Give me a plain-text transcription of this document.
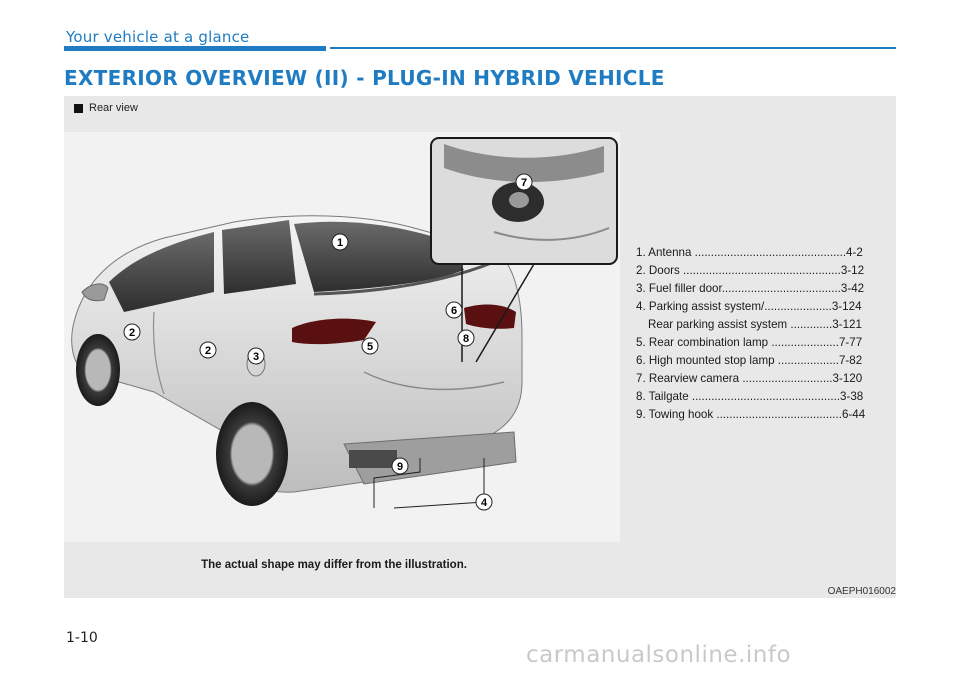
Your vehicle at a glance
EXTERIOR OVERVIEW (II) - PLUG-IN HYBRID VEHICLE
Rear view
1
2
2	3
4
5
6
7
8
9
1. Antenna ...............................................4-2
2. Doors .................................................3-12
3. Fuel filler door.....................................3-42
4. Parking assist system/.....................3-124
Rear parking assist system .............3-121
5. Rear combination lamp .....................7-77
6. High mounted stop lamp ...................7-82
7. Rearview camera ............................3-120
8. Tailgate ..............................................3-38
9. Towing hook .......................................6-44
The actual shape may differ from the illustration.
OAEPH016002
1-10
carmanualsonline.info
